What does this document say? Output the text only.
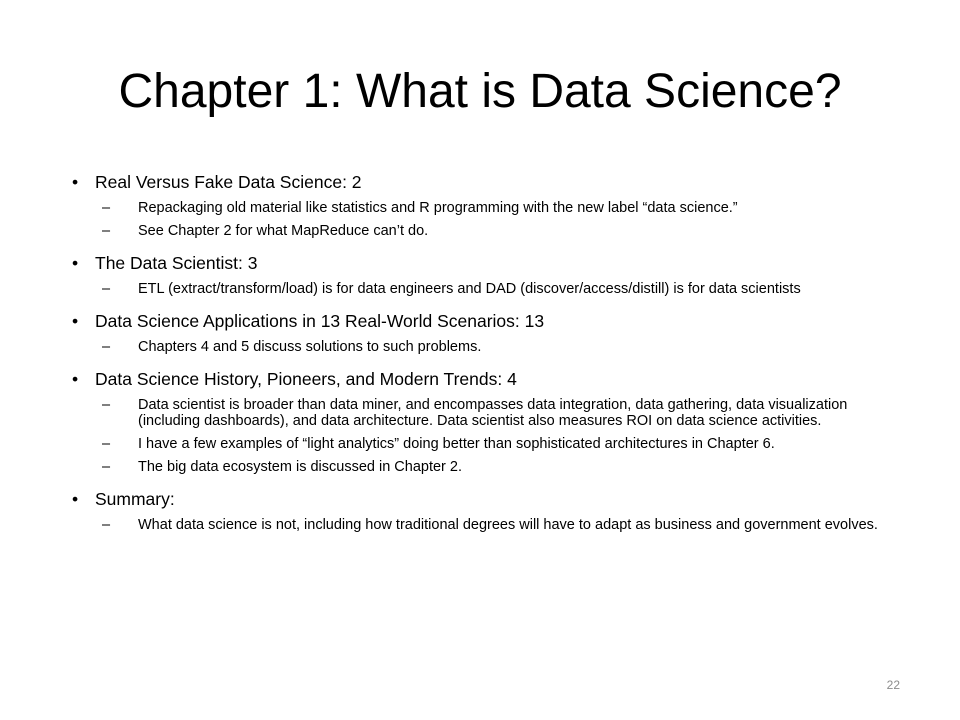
Chapter 1: What is Data Science?
• Real Versus Fake Data Science: 2
– Repackaging old material like statistics and R programming with the new label “data science.”
– See Chapter 2 for what MapReduce can’t do.
• The Data Scientist: 3
– ETL (extract/transform/load) is for data engineers and DAD (discover/access/distill) is for data scientists
• Data Science Applications in 13 Real-World Scenarios: 13
– Chapters 4 and 5 discuss solutions to such problems.
• Data Science History, Pioneers, and Modern Trends: 4
– Data scientist is broader than data miner, and encompasses data integration, data gathering, data visualization (including dashboards), and data architecture. Data scientist also measures ROI on data science activities.
– I have a few examples of “light analytics” doing better than sophisticated architectures in Chapter 6.
– The big data ecosystem is discussed in Chapter 2.
• Summary:
– What data science is not, including how traditional degrees will have to adapt as business and government evolves.
22
